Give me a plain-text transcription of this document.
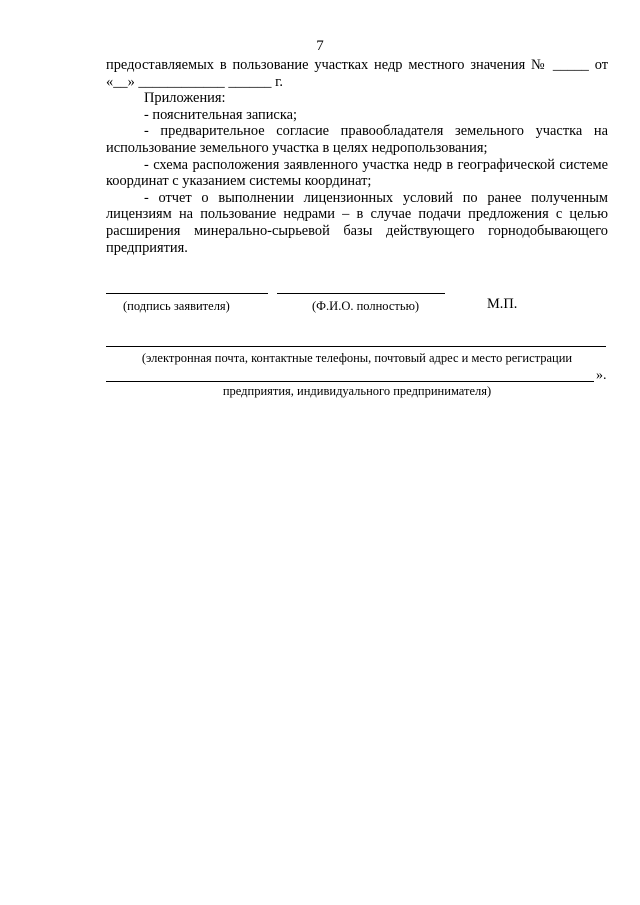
7

предоставляемых в пользование участках недр местного значения № _____ от «__» ____________ ______ г.

Приложения:

- пояснительная записка;

- предварительное согласие правообладателя земельного участка на использование земельного участка в целях недропользования;

- схема расположения заявленного участка недр в географической системе координат с указанием системы координат;

- отчет о выполнении лицензионных условий по ранее полученным лицензиям на пользование недрами – в случае подачи предложения с целью расширения минерально-сырьевой базы действующего горнодобывающего предприятия.

(подпись заявителя)	(Ф.И.О. полностью)	М.П.
(электронная почта, контактные телефоны, почтовый адрес и место регистрации
».
предприятия, индивидуального предпринимателя)
